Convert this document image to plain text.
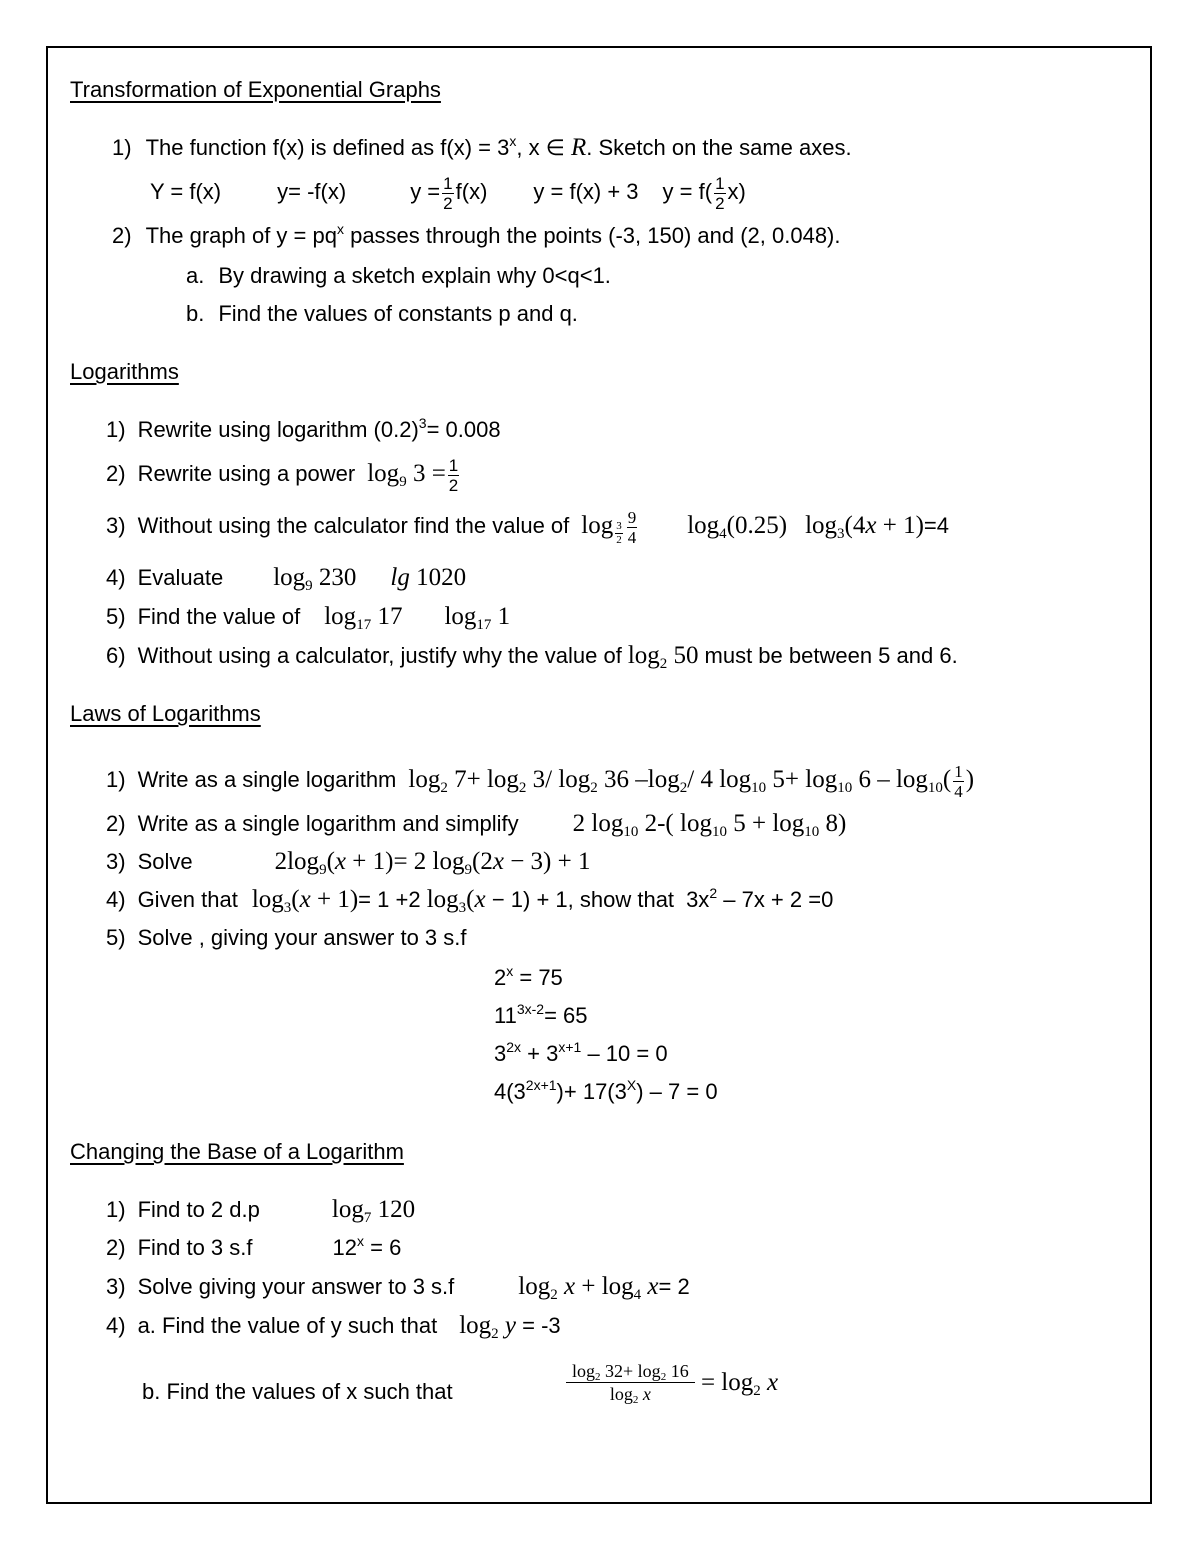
Transformation of Exponential Graphs
1) The function f(x) is defined as $f(x) = 3^x$, x ∈ R. Sketch on the same axes.
Y = f(x)	y= -f(x)	$y = \frac{1}{2} f(x) y = f(x) + 3$ $y = f( \frac{1}{2} x)$
2) The graph of $y = pq^x$ passes through the points (-3, 150) and (2, 0.048).
a. By drawing a sketch explain why 0<q<1.
b. Find the values of constants p and q.
Logarithms
1) Rewrite using logarithm $(0.2)^3= 0.008$
2) Rewrite using a power $\log_9 3 = \frac{1}{2}$
3) Without using the calculator find the value of $\log \frac{3}{2} \frac{9}{4} \log_4(0.25) \log_3(4x + 1)=4$
4) Evaluate $\log_9 230$ lg 1020
5) Find the value of $\log_{17} 17$ $\log_{17} 1$
6) Without using a calculator, justify why the value of $\log_2 50$ must be between 5 and 6.
Laws of Logarithms
1) Write as a single logarithm $\log_2 7+ \log_2 3/$ $\log_2 36$ $-\log_2/$ 4 $\log_{10} 5+ \log_{10} 6 - \log_{10}( \frac{1}{4}$ )
2) Write as a single logarithm and simplify 2 $\log_{10} 2-$( $\log_{10} 5 + \log_{10} 8$)
3) Solve	$2\log_9(x + 1)= 2$ $\log_9(2x - 3) + 1$
4) Given that $\log_3(x + 1)= 1 +2$ $\log_3(x - 1) + 1$, show that $3x^2 - 7x + 2 =0$
5) Solve , giving your answer to 3 s.f
$2^x = 75$
$11^{3x-2}= 65$
$3^{2x} + 3^{x+1} - 10 = 0$
$4(3^{2x+1})+ 17(3^X) - 7 = 0$
Changing the Base of a Logarithm
1) Find to 2 d.p	$\log_7 120$
2) Find to 3 s.f	$12^x = 6$
3) Solve giving your answer to 3 s.f	$\log_2 x + \log_4 x= 2$
4) a. Find the value of y such that $\log_2 y = -3$
b. Find the values of x such that	$\frac{\log_2 32+ \log_2 16}{\log_2 x} = \log_2 x$
